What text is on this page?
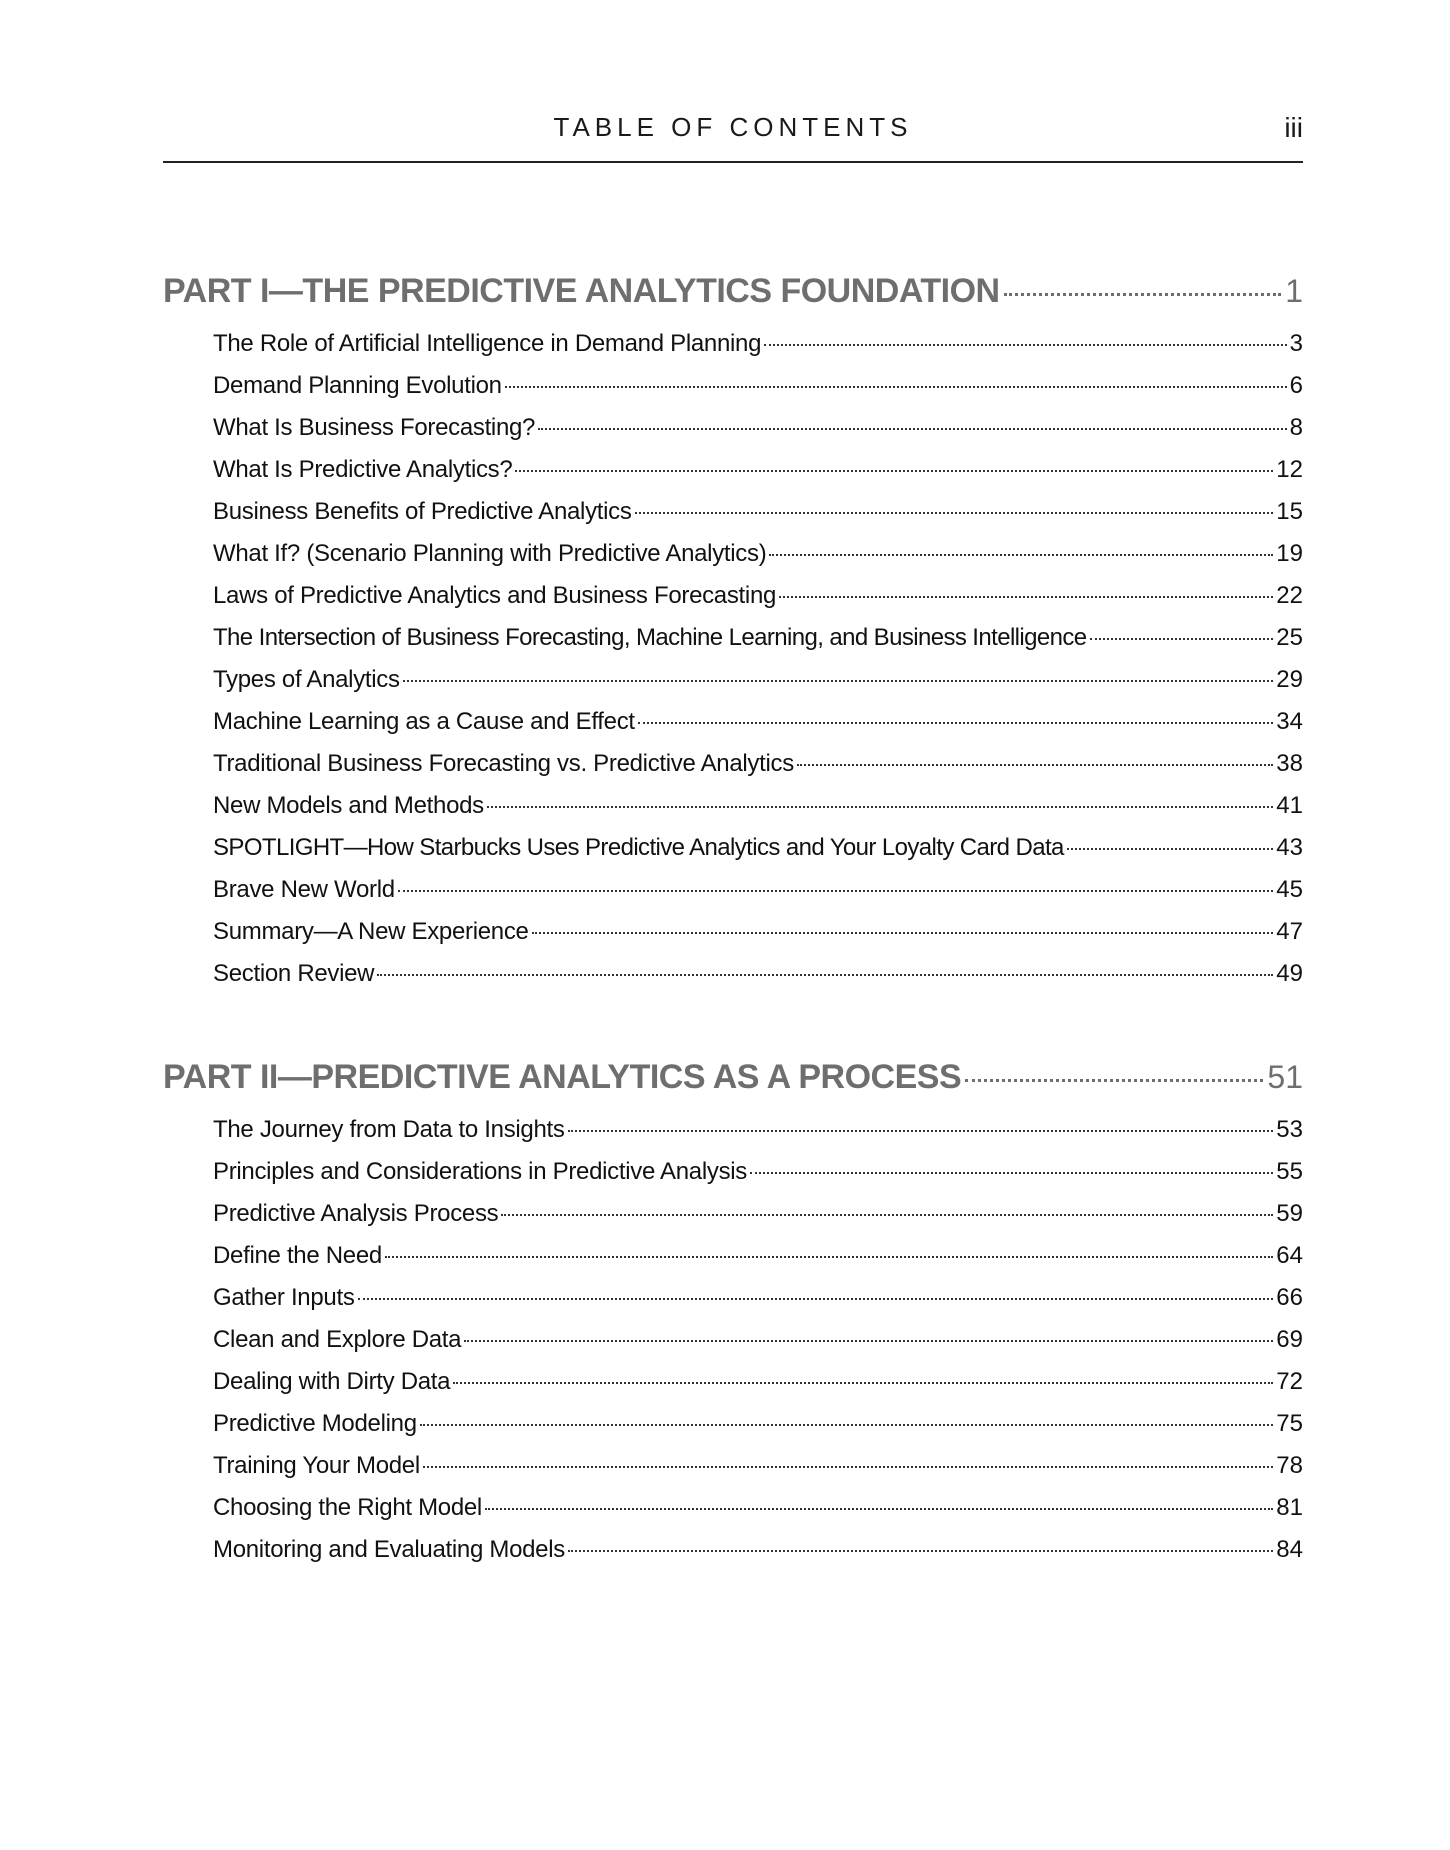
TABLE OF CONTENTS	iii
PART I—THE PREDICTIVE ANALYTICS FOUNDATION	1
The Role of Artificial Intelligence in Demand Planning	3
Demand Planning Evolution	6
What Is Business Forecasting?	8
What Is Predictive Analytics?	12
Business Benefits of Predictive Analytics	15
What If? (Scenario Planning with Predictive Analytics)	19
Laws of Predictive Analytics and Business Forecasting	22
The Intersection of Business Forecasting, Machine Learning, and Business Intelligence	25
Types of Analytics	29
Machine Learning as a Cause and Effect	34
Traditional Business Forecasting vs. Predictive Analytics	38
New Models and Methods	41
SPOTLIGHT—How Starbucks Uses Predictive Analytics and Your Loyalty Card Data	43
Brave New World	45
Summary—A New Experience	47
Section Review	49
PART II—PREDICTIVE ANALYTICS AS A PROCESS	51
The Journey from Data to Insights	53
Principles and Considerations in Predictive Analysis	55
Predictive Analysis Process	59
Define the Need	64
Gather Inputs	66
Clean and Explore Data	69
Dealing with Dirty Data	72
Predictive Modeling	75
Training Your Model	78
Choosing the Right Model	81
Monitoring and Evaluating Models	84
